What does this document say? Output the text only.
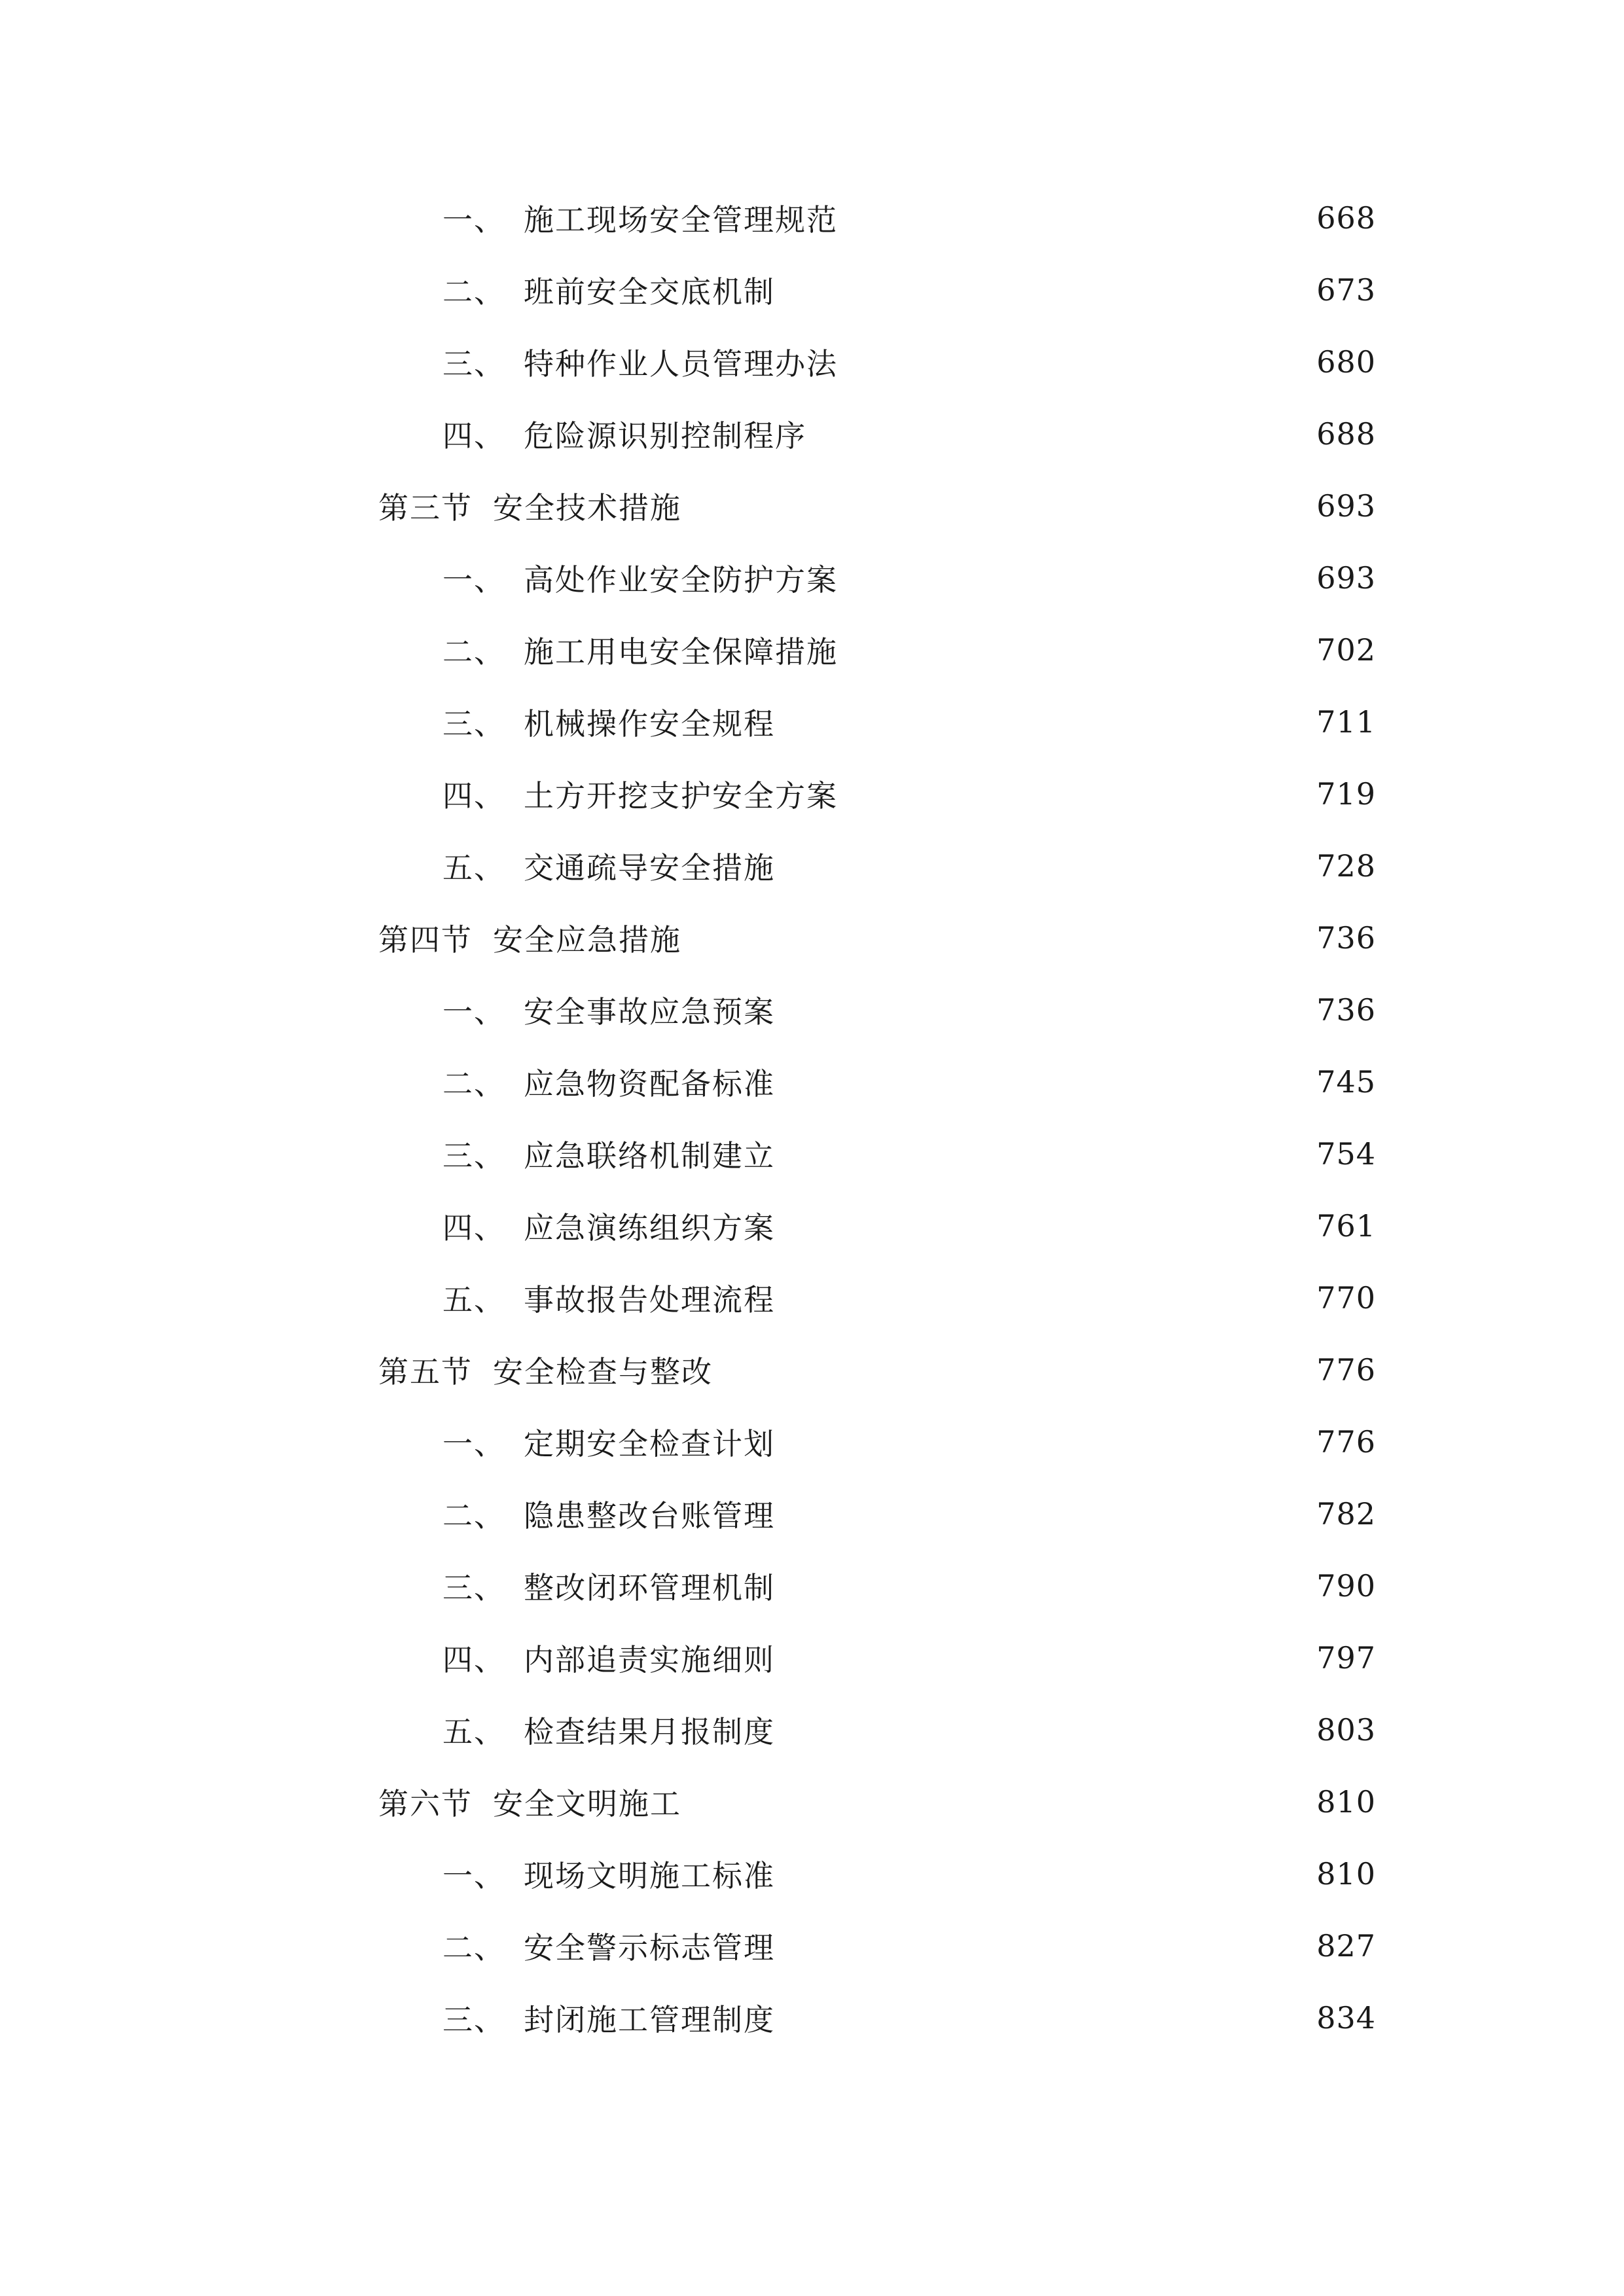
一、 施工现场安全管理规范	668
二、 班前安全交底机制	673
三、 特种作业人员管理办法	680
四、 危险源识别控制程序	688
第三节 安全技术措施	693
一、 高处作业安全防护方案	693
二、 施工用电安全保障措施	702
三、 机械操作安全规程	711
四、 土方开挖支护安全方案	719
五、 交通疏导安全措施	728
第四节 安全应急措施	736
一、 安全事故应急预案	736
二、 应急物资配备标准	745
三、 应急联络机制建立	754
四、 应急演练组织方案	761
五、 事故报告处理流程	770
第五节 安全检查与整改	776
一、 定期安全检查计划	776
二、 隐患整改台账管理	782
三、 整改闭环管理机制	790
四、 内部追责实施细则	797
五、 检查结果月报制度	803
第六节 安全文明施工	810
一、 现场文明施工标准	810
二、 安全警示标志管理	827
三、 封闭施工管理制度	834
